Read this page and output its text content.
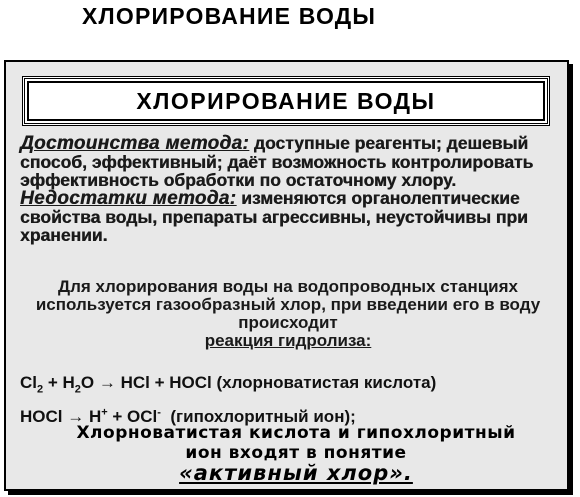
ХЛОРИРОВАНИЕ ВОДЫ
ХЛОРИРОВАНИЕ ВОДЫ
Достоинства метода: доступные реагенты; дешевый способ, эффективный; даёт возможность контролировать эффективность обработки по остаточному хлору.
Недостатки метода: изменяются органолептические свойства воды, препараты агрессивны, неустойчивы при хранении.
Для хлорирования воды на водопроводных станциях используется газообразный хлор, при введении его в воду происходит
реакция гидролиза:
$Cl_2 + H_2O$ → HCl + HOCl (хлорноватистая кислота)
HOCl → H+ + OCl-  (гипохлоритный ион);
Хлорноватистая кислота и гипохлоритный ион входят в понятие
«активный хлор».
